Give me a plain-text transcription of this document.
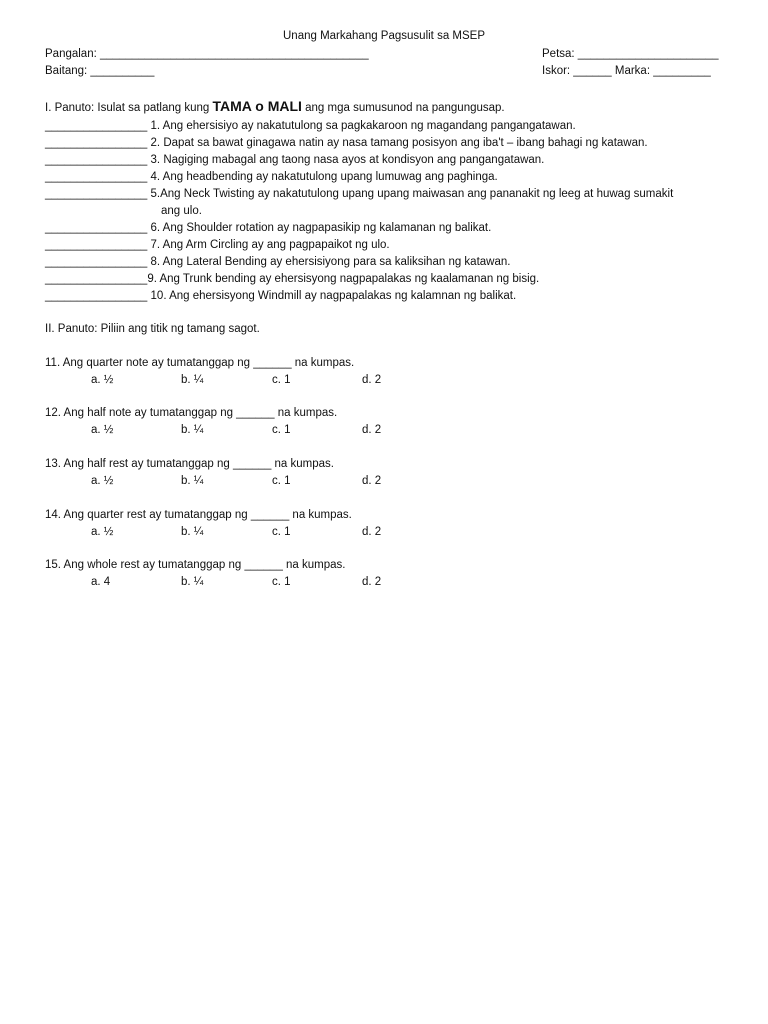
Unang Markahang Pagsusulit sa MSEP
Pangalan: __________________________________________	Petsa: ______________________
Baitang: __________	Iskor: ______ Marka: _________
I. Panuto: Isulat sa patlang kung TAMA o MALI ang mga sumusunod na pangungusap.
________________ 1. Ang ehersisiyo ay nakatutulong sa pagkakaroon ng magandang pangangatawan.
________________ 2. Dapat sa bawat ginagawa natin ay nasa tamang posisyon ang iba't – ibang bahagi ng katawan.
________________ 3. Nagiging mabagal ang taong nasa ayos at kondisyon ang pangangatawan.
________________ 4. Ang headbending ay nakatutulong upang lumuwag ang paghinga.
________________ 5.Ang Neck Twisting ay nakatutulong upang upang maiwasan ang pananakit ng leeg at huwag sumakit
ang ulo.
________________ 6. Ang Shoulder rotation ay nagpapasikip ng kalamanan ng balikat.
________________ 7. Ang Arm Circling ay ang pagpapaikot ng ulo.
________________ 8. Ang Lateral Bending ay ehersisiyong para sa kaliksihan ng katawan.
________________9. Ang Trunk bending ay ehersisyong nagpapalakas ng kaalamanan ng bisig.
________________ 10. Ang ehersisyong Windmill ay nagpapalakas ng kalamnan ng balikat.
II. Panuto: Piliin ang titik ng tamang sagot.
11. Ang quarter note ay tumatanggap ng ______ na kumpas.
a. ½	b. ¼	c. 1	d. 2
12. Ang half note ay tumatanggap ng ______ na kumpas.
a. ½	b. ¼	c. 1	d. 2
13. Ang half rest ay tumatanggap ng ______ na kumpas.
a. ½	b. ¼	c. 1	d. 2
14. Ang quarter rest ay tumatanggap ng ______ na kumpas.
a. ½	b. ¼	c. 1	d. 2
15. Ang whole rest ay tumatanggap ng ______ na kumpas.
a. 4	b. ¼	c. 1	d. 2
